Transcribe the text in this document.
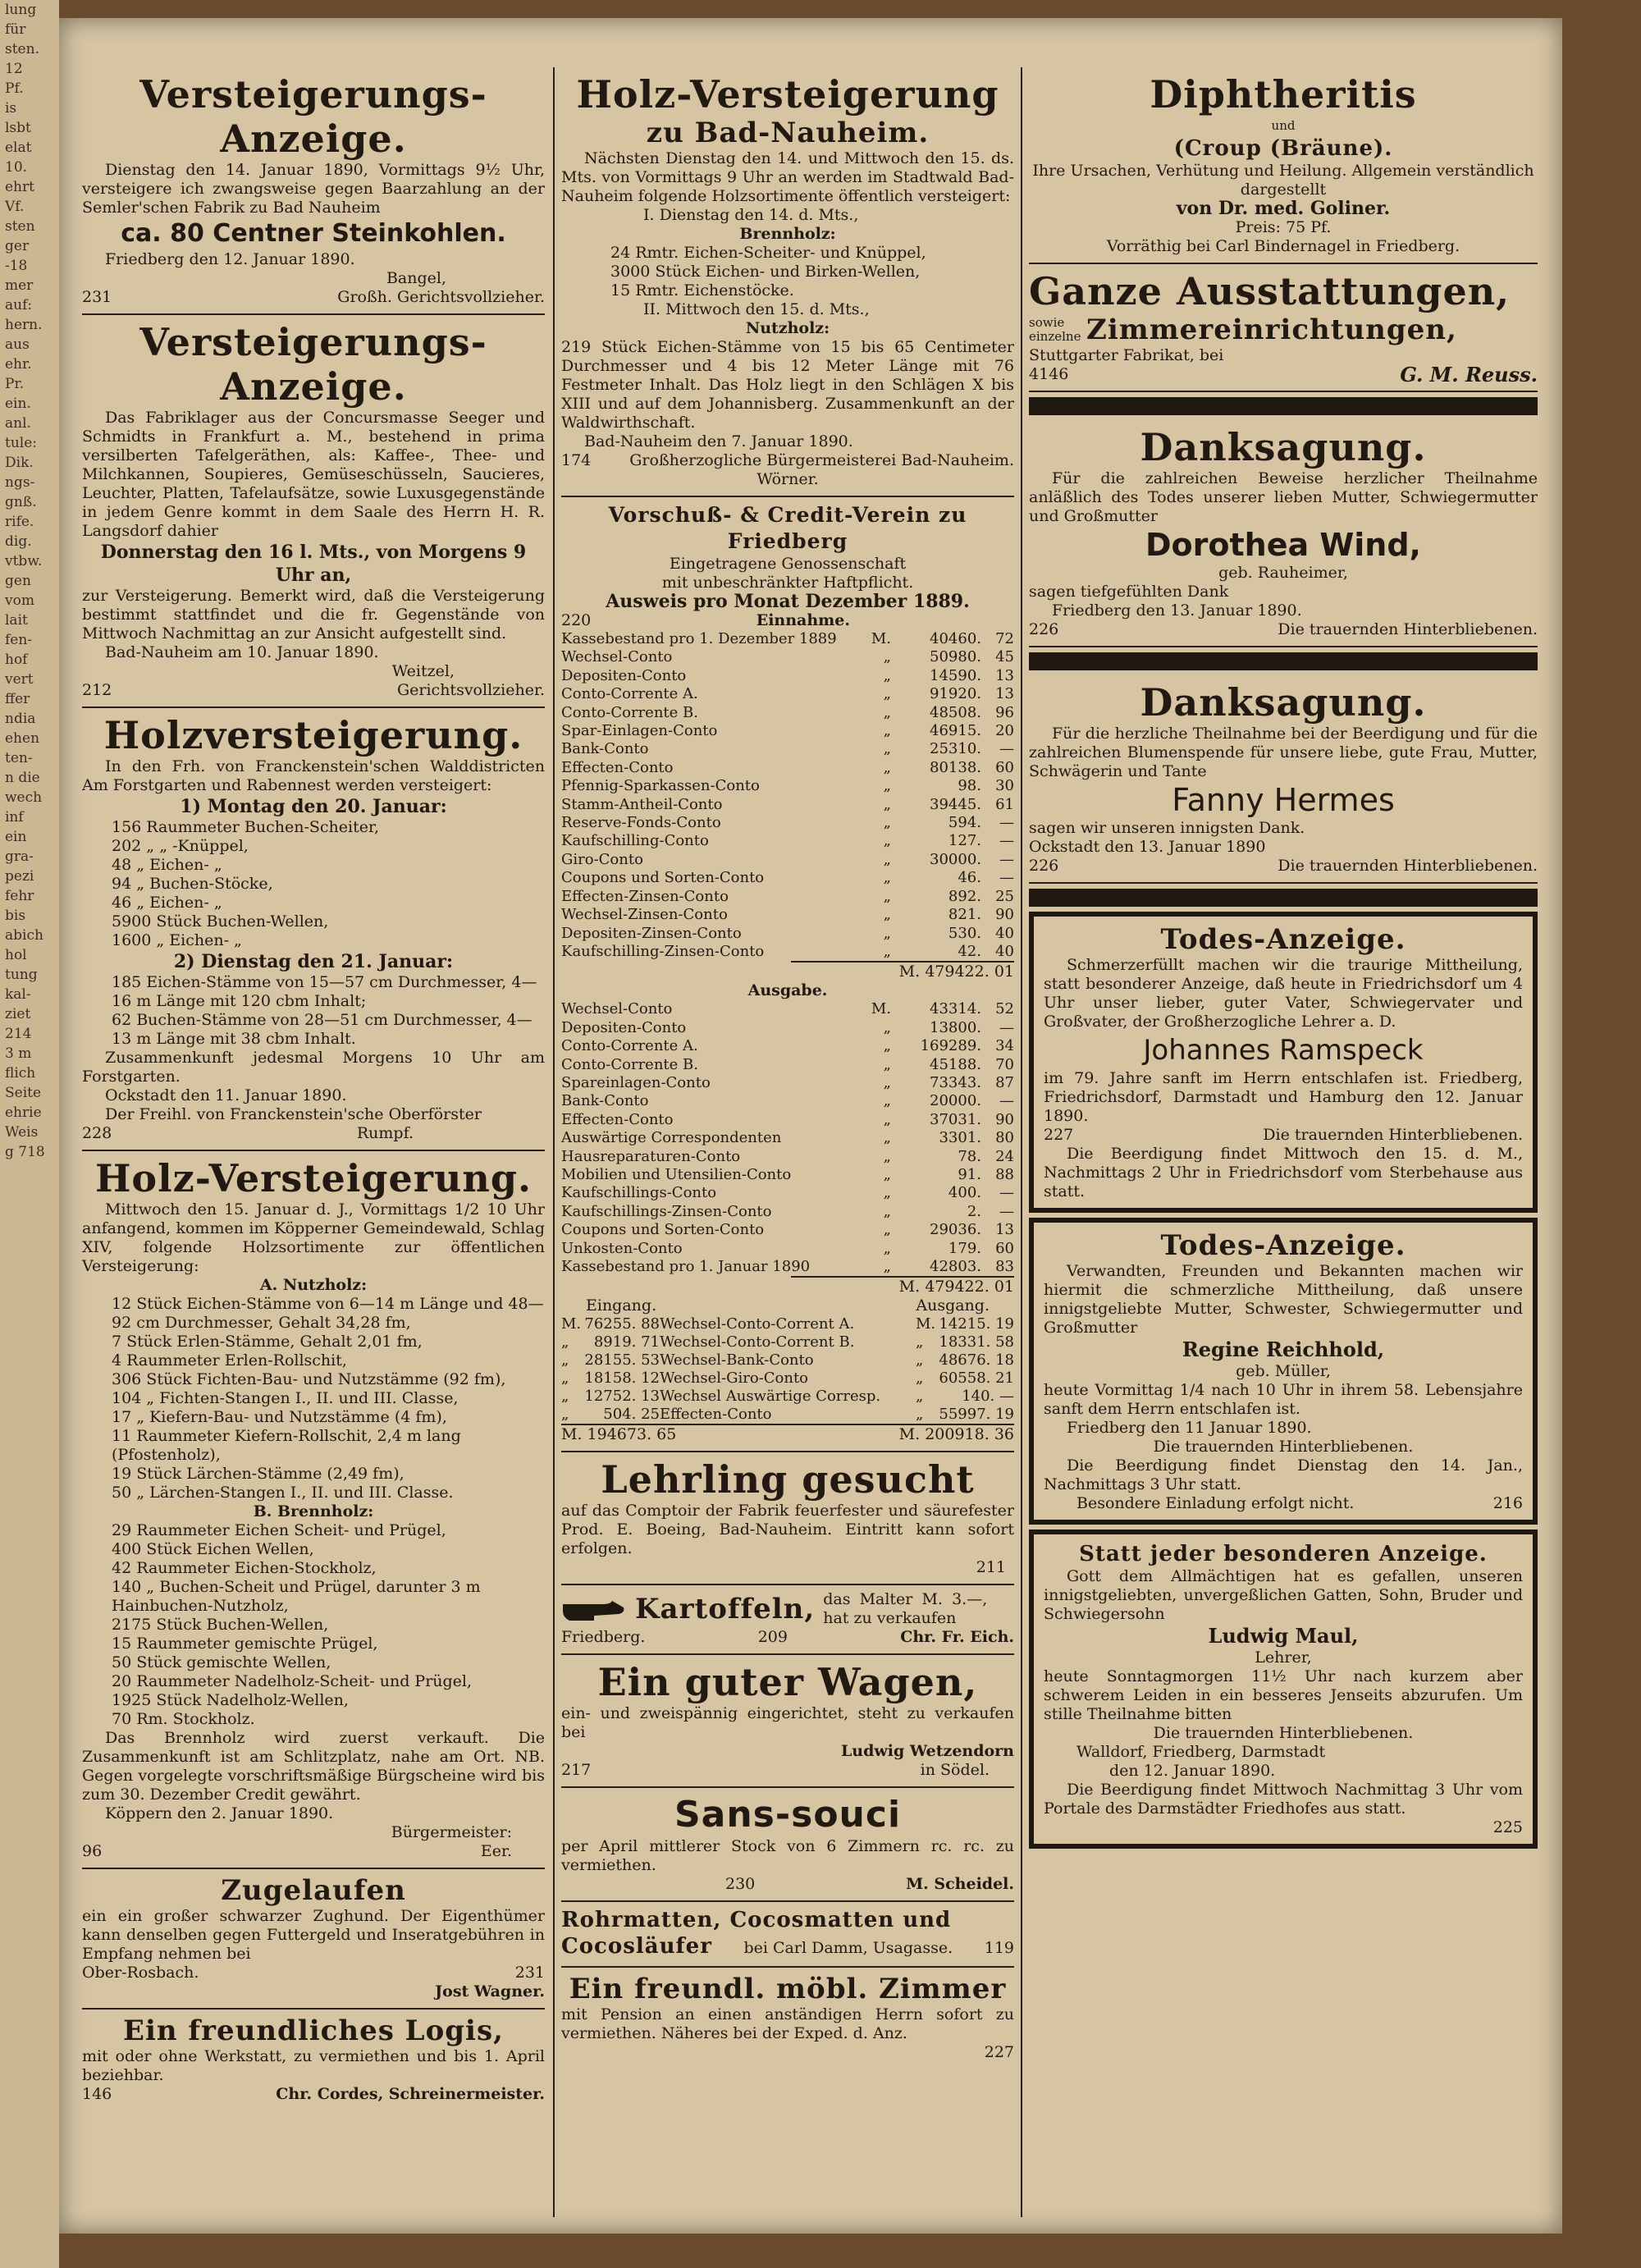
lung
für
sten.
12
Pf.
is
lsbt
elat
10.
ehrt
Vf.
sten
ger
-18
mer
auf:
hern.
aus
ehr.
Pr.
ein.
anl.
tule:
Dik.
ngs-
gnß.
rife.
dig.
vtbw.
gen
vom
lait
fen-
hof
vert
ffer
ndia
ehen
ten-
n die
wech
inf
ein
gra-
pezi
fehr
bis
abich
hol
tung
kal-
ziet
214
3 m
flich
Seite
ehrie
Weis
g 718
Versteigerungs-Anzeige.
Dienstag den 14. Januar 1890, Vormittags 9½ Uhr, versteigere ich zwangsweise gegen Baarzahlung an der Semler'schen Fabrik zu Bad Nauheim
ca. 80 Centner Steinkohlen.
Friedberg den 12. Januar 1890.
Bangel,
231	Großh. Gerichtsvollzieher.
Versteigerungs-Anzeige.
Das Fabriklager aus der Concursmasse Seeger und Schmidts in Frankfurt a. M., bestehend in prima versilberten Tafelgeräthen, als: Kaffee-, Thee- und Milchkannen, Soupieres, Gemüseschüsseln, Saucieres, Leuchter, Platten, Tafelaufsätze, sowie Luxusgegenstände in jedem Genre kommt in dem Saale des Herrn H. R. Langsdorf dahier
Donnerstag den 16 l. Mts., von Morgens 9 Uhr an,
zur Versteigerung. Bemerkt wird, daß die Versteigerung bestimmt stattfindet und die fr. Gegenstände von Mittwoch Nachmittag an zur Ansicht aufgestellt sind.
Bad-Nauheim am 10. Januar 1890.
Weitzel,
212	Gerichtsvollzieher.
Holzversteigerung.
In den Frh. von Franckenstein'schen Walddistricten Am Forstgarten und Rabennest werden versteigert:
1) Montag den 20. Januar:
156 Raummeter Buchen-Scheiter,
202 „ „ -Knüppel,
48 „ Eichen- „
94 „ Buchen-Stöcke,
46 „ Eichen- „
5900 Stück Buchen-Wellen,
1600 „ Eichen- „
2) Dienstag den 21. Januar:
185 Eichen-Stämme von 15—57 cm Durchmesser, 4—16 m Länge mit 120 cbm Inhalt;
62 Buchen-Stämme von 28—51 cm Durchmesser, 4—13 m Länge mit 38 cbm Inhalt.
Zusammenkunft jedesmal Morgens 10 Uhr am Forstgarten.
Ockstadt den 11. Januar 1890.
Der Freihl. von Franckenstein'sche Oberförster
228	Rumpf.
Holz-Versteigerung.
Mittwoch den 15. Januar d. J., Vormittags 1/2 10 Uhr anfangend, kommen im Köpperner Gemeindewald, Schlag XIV, folgende Holzsortimente zur öffentlichen Versteigerung:
A. Nutzholz:
12 Stück Eichen-Stämme von 6—14 m Länge und 48—92 cm Durchmesser, Gehalt 34,28 fm,
7 Stück Erlen-Stämme, Gehalt 2,01 fm,
4 Raummeter Erlen-Rollschit,
306 Stück Fichten-Bau- und Nutzstämme (92 fm),
104 „ Fichten-Stangen I., II. und III. Classe,
17 „ Kiefern-Bau- und Nutzstämme (4 fm),
11 Raummeter Kiefern-Rollschit, 2,4 m lang (Pfostenholz),
19 Stück Lärchen-Stämme (2,49 fm),
50 „ Lärchen-Stangen I., II. und III. Classe.
B. Brennholz:
29 Raummeter Eichen Scheit- und Prügel,
400 Stück Eichen Wellen,
42 Raummeter Eichen-Stockholz,
140 „ Buchen-Scheit und Prügel, darunter 3 m Hainbuchen-Nutzholz,
2175 Stück Buchen-Wellen,
15 Raummeter gemischte Prügel,
50 Stück gemischte Wellen,
20 Raummeter Nadelholz-Scheit- und Prügel,
1925 Stück Nadelholz-Wellen,
70 Rm. Stockholz.
Das Brennholz wird zuerst verkauft. Die Zusammenkunft ist am Schlitzplatz, nahe am Ort. NB. Gegen vorgelegte vorschriftsmäßige Bürgscheine wird bis zum 30. Dezember Credit gewährt.
Köppern den 2. Januar 1890.
Bürgermeister:
96	Eer.
Zugelaufen
ein ein großer schwarzer Zughund. Der Eigenthümer kann denselben gegen Futtergeld und Inseratgebühren in Empfang nehmen bei
Ober-Rosbach.	231
Jost Wagner.
Ein freundliches Logis,
mit oder ohne Werkstatt, zu vermiethen und bis 1. April beziehbar.
146	Chr. Cordes, Schreinermeister.
Holz-Versteigerung
zu Bad-Nauheim.
Nächsten Dienstag den 14. und Mittwoch den 15. ds. Mts. von Vormittags 9 Uhr an werden im Stadtwald Bad-Nauheim folgende Holzsortimente öffentlich versteigert:
I. Dienstag den 14. d. Mts.,
Brennholz:
24 Rmtr. Eichen-Scheiter- und Knüppel,
3000 Stück Eichen- und Birken-Wellen,
15 Rmtr. Eichenstöcke.
II. Mittwoch den 15. d. Mts.,
Nutzholz:
219 Stück Eichen-Stämme von 15 bis 65 Centimeter Durchmesser und 4 bis 12 Meter Länge mit 76 Festmeter Inhalt. Das Holz liegt in den Schlägen X bis XIII und auf dem Johannisberg. Zusammenkunft an der Waldwirthschaft.
Bad-Nauheim den 7. Januar 1890.
174 Großherzogliche Bürgermeisterei Bad-Nauheim.
Wörner.
Vorschuß- & Credit-Verein zu Friedberg
Eingetragene Genossenschaft
mit unbeschränkter Haftpflicht.
Ausweis pro Monat Dezember 1889.
220	Einnahme.
Kassebestand pro 1. Dezember 1889	M.	40460. 72
Wechsel-Conto	„	50980. 45
Depositen-Conto	„	14590. 13
Conto-Corrente A.	„	91920. 13
Conto-Corrente B.	„	48508. 96
Spar-Einlagen-Conto	„	46915. 20
Bank-Conto	„	25310.	—
Effecten-Conto	„	80138. 60
Pfennig-Sparkassen-Conto	„	98. 30
Stamm-Antheil-Conto	„	39445. 61
Reserve-Fonds-Conto	„	594.	—
Kaufschilling-Conto	„	127.	—
Giro-Conto	„	30000.	—
Coupons und Sorten-Conto	„	46.	—
Effecten-Zinsen-Conto	„	892. 25
Wechsel-Zinsen-Conto	„	821. 90
Depositen-Zinsen-Conto	„	530. 40
Kaufschilling-Zinsen-Conto	„	42. 40
M. 479422. 01
Ausgabe.
Wechsel-Conto	M.	43314. 52
Depositen-Conto	„	13800.	—
Conto-Corrente A.	„	169289. 34
Conto-Corrente B.	„	45188. 70
Spareinlagen-Conto	„	73343. 87
Bank-Conto	„	20000.	—
Effecten-Conto	„	37031. 90
Auswärtige Correspondenten	„	3301. 80
Hausreparaturen-Conto	„	78. 24
Mobilien und Utensilien-Conto	„	91. 88
Kaufschillings-Conto	„	400.	—
Kaufschillings-Zinsen-Conto	„	2.	—
Coupons und Sorten-Conto	„	29036. 13
Unkosten-Conto	„	179. 60
Kassebestand pro 1. Januar 1890	„	42803. 83
M. 479422. 01
Eingang.	Ausgang.
M. 76255. 88 Wechsel-Conto-Corrent A.	M. 14215. 19
„	8919. 71 Wechsel-Conto-Corrent B.	„	18331. 58
„	28155. 53 Wechsel-Bank-Conto	„	48676. 18
„	18158. 12 Wechsel-Giro-Conto	„	60558. 21
„	12752. 13 Wechsel Auswärtige Corresp.	„	140. —
„	504. 25 Effecten-Conto	„	55997. 19
M. 194673. 65	M. 200918. 36
Lehrling gesucht
auf das Comptoir der Fabrik feuerfester und säurefester Prod. E. Boeing, Bad-Nauheim. Eintritt kann sofort erfolgen.
211
Kartoffeln, das Malter M. 3.—, hat zu verkaufen
Friedberg.	209	Chr. Fr. Eich.
Ein guter Wagen,
ein- und zweispännig eingerichtet, steht zu verkaufen bei
Ludwig Wetzendorn
217	in Södel.
Sans-souci
per April mittlerer Stock von 6 Zimmern rc. rc. zu vermiethen.
230	M. Scheidel.
Rohrmatten, Cocosmatten und
Cocosläufer bei Carl Damm, Usagasse. 119
Ein freundl. möbl. Zimmer
mit Pension an einen anständigen Herrn sofort zu vermiethen. Näheres bei der Exped. d. Anz.
227
Diphtheritis
und
(Croup (Bräune).
Ihre Ursachen, Verhütung und Heilung. Allgemein verständlich dargestellt
von Dr. med. Goliner.
Preis: 75 Pf.
Vorräthig bei Carl Bindernagel in Friedberg.
Ganze Ausstattungen,
sowie einzelne Zimmereinrichtungen,
Stuttgarter Fabrikat, bei
4146	G. M. Reuss.
Danksagung.
Für die zahlreichen Beweise herzlicher Theilnahme anläßlich des Todes unserer lieben Mutter, Schwiegermutter und Großmutter
Dorothea Wind,
geb. Rauheimer,
sagen tiefgefühlten Dank
Friedberg den 13. Januar 1890.
226	Die trauernden Hinterbliebenen.
Danksagung.
Für die herzliche Theilnahme bei der Beerdigung und für die zahlreichen Blumenspende für unsere liebe, gute Frau, Mutter, Schwägerin und Tante
Fanny Hermes
sagen wir unseren innigsten Dank.
Ockstadt den 13. Januar 1890
226	Die trauernden Hinterbliebenen.
Todes-Anzeige.
Schmerzerfüllt machen wir die traurige Mittheilung, statt besonderer Anzeige, daß heute in Friedrichsdorf um 4 Uhr unser lieber, guter Vater, Schwiegervater und Großvater, der Großherzogliche Lehrer a. D.
Johannes Ramspeck
im 79. Jahre sanft im Herrn entschlafen ist. Friedberg, Friedrichsdorf, Darmstadt und Hamburg den 12. Januar 1890.
227	Die trauernden Hinterbliebenen.
Die Beerdigung findet Mittwoch den 15. d. M., Nachmittags 2 Uhr in Friedrichsdorf vom Sterbehause aus statt.
Todes-Anzeige.
Verwandten, Freunden und Bekannten machen wir hiermit die schmerzliche Mittheilung, daß unsere innigstgeliebte Mutter, Schwester, Schwiegermutter und Großmutter
Regine Reichhold,
geb. Müller,
heute Vormittag 1/4 nach 10 Uhr in ihrem 58. Lebensjahre sanft dem Herrn entschlafen ist.
Friedberg den 11 Januar 1890.
Die trauernden Hinterbliebenen.
Die Beerdigung findet Dienstag den 14. Jan., Nachmittags 3 Uhr statt.
Besondere Einladung erfolgt nicht.	216
Statt jeder besonderen Anzeige.
Gott dem Allmächtigen hat es gefallen, unseren innigstgeliebten, unvergeßlichen Gatten, Sohn, Bruder und Schwiegersohn
Ludwig Maul,
Lehrer,
heute Sonntagmorgen 11½ Uhr nach kurzem aber schwerem Leiden in ein besseres Jenseits abzurufen. Um stille Theilnahme bitten
Die trauernden Hinterbliebenen.
Walldorf, Friedberg, Darmstadt
den 12. Januar 1890.
Die Beerdigung findet Mittwoch Nachmittag 3 Uhr vom Portale des Darmstädter Friedhofes aus statt.
225
